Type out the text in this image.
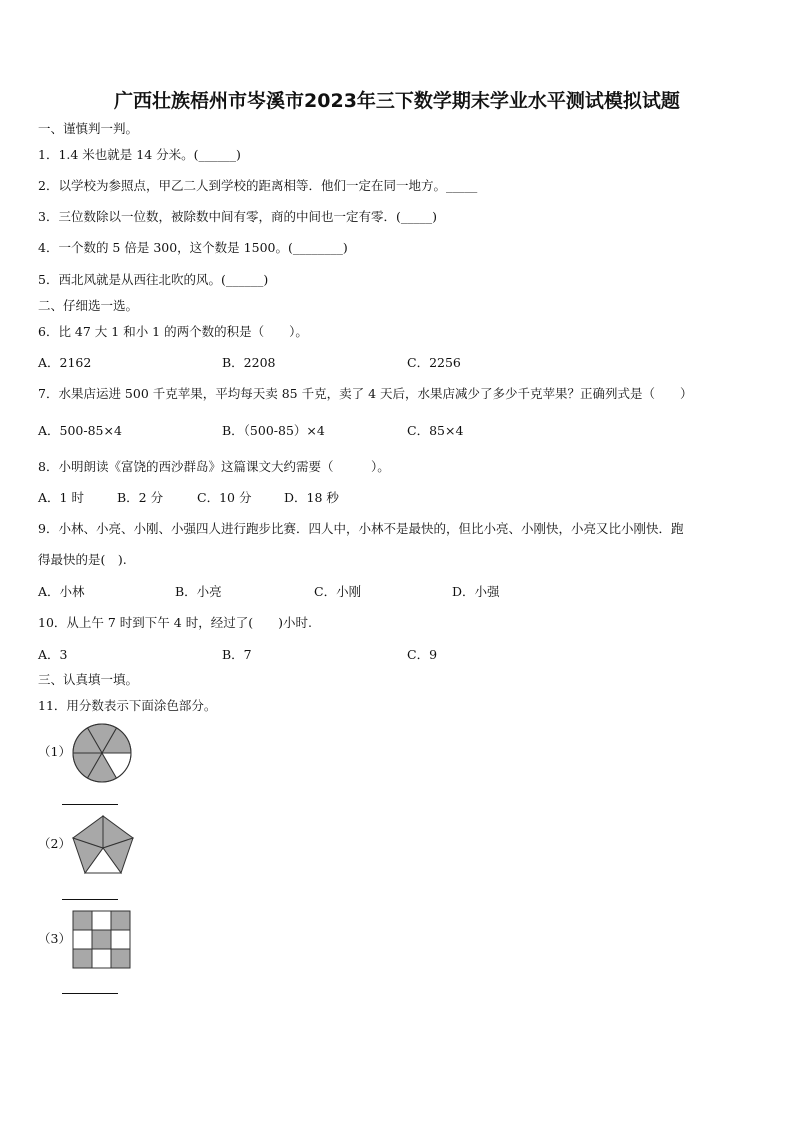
广西壮族梧州市岑溪市2023年三下数学期末学业水平测试模拟试题
一、谨慎判一判。
1．1.4 米也就是 14 分米。(______)
2．以学校为参照点，甲乙二人到学校的距离相等．他们一定在同一地方。_____
3．三位数除以一位数，被除数中间有零，商的中间也一定有零．(_____)
4．一个数的 5 倍是 300，这个数是 1500。(________)
5．西北风就是从西往北吹的风。(______)
二、仔细选一选。
6．比 47 大 1 和小 1 的两个数的积是（　　）。
A．2162	B．2208	C．2256
7．水果店运进 500 千克苹果，平均每天卖 85 千克，卖了 4 天后，水果店减少了多少千克苹果？正确列式是（　　）
A．500-85×4	B．（500-85）×4	C．85×4
8．小明朗读《富饶的西沙群岛》这篇课文大约需要（　　　）。
A．1 时	B．2 分	C．10 分	D．18 秒
9．小林、小亮、小刚、小强四人进行跑步比赛．四人中，小林不是最快的，但比小亮、小刚快，小亮又比小刚快．跑
得最快的是(　).
A．小林	B．小亮	C．小刚	D．小强
10．从上午 7 时到下午 4 时，经过了(　　)小时.
A．3	B．7	C．9
三、认真填一填。
11．用分数表示下面涂色部分。
（1）
（2）
（3）
